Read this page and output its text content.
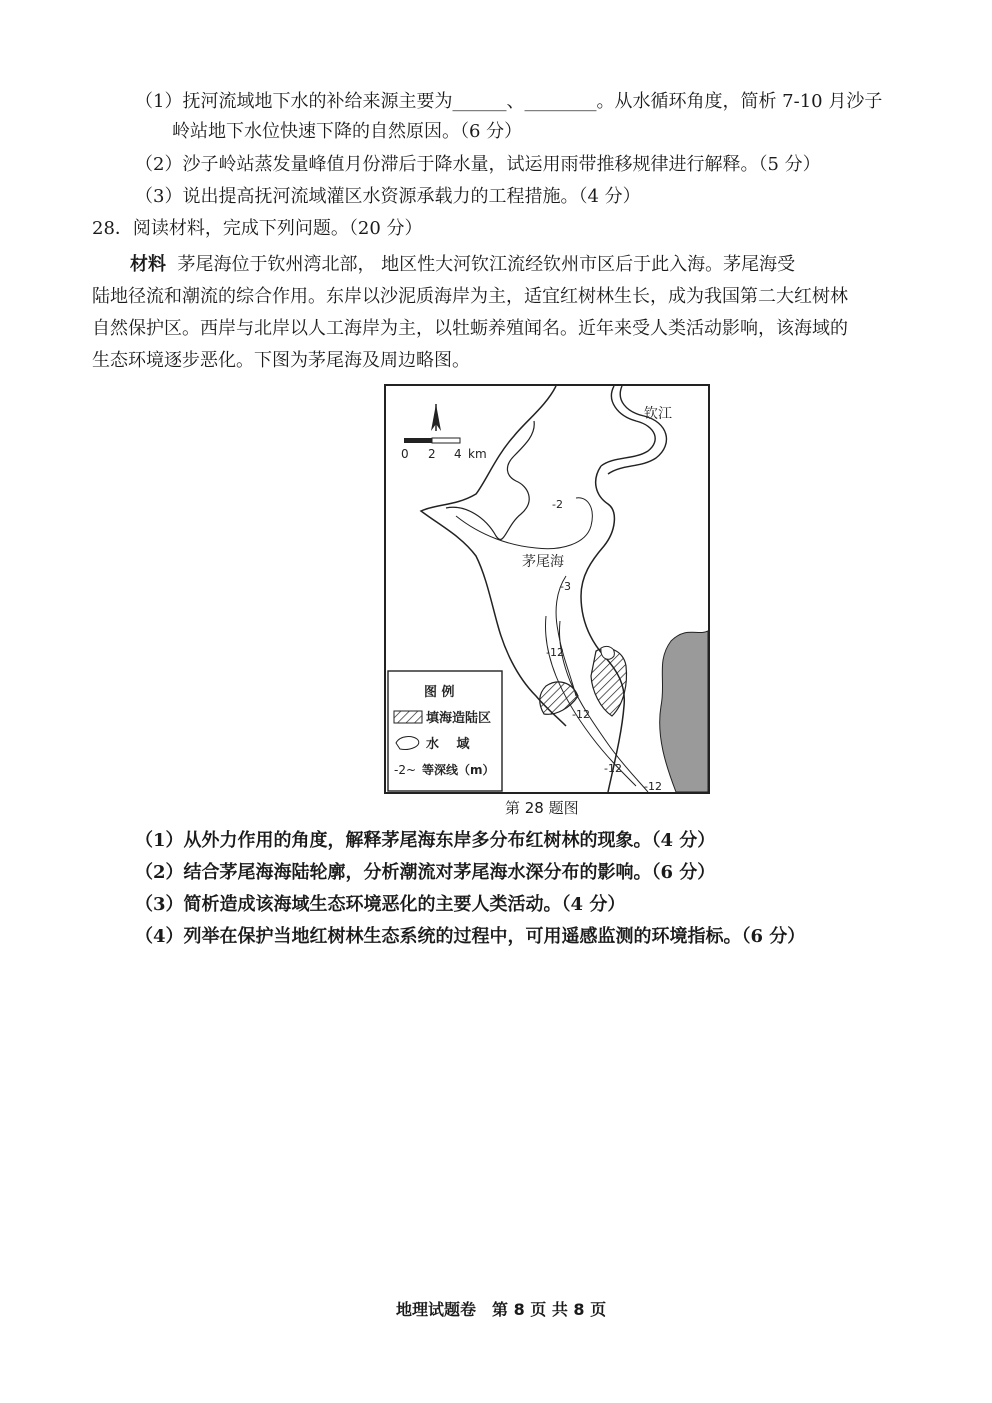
（1）抚河流域地下水的补给来源主要为______、________。从水循环角度，简析 7-10 月沙子
岭站地下水位快速下降的自然原因。（6 分）
（2）沙子岭站蒸发量峰值月份滞后于降水量，试运用雨带推移规律进行解释。（5 分）
（3）说出提高抚河流域灌区水资源承载力的工程措施。（4 分）
28．阅读材料，完成下列问题。（20 分）
材料 茅尾海位于钦州湾北部， 地区性大河钦江流经钦州市区后于此入海。茅尾海受
陆地径流和潮流的综合作用。东岸以沙泥质海岸为主，适宜红树林生长，成为我国第二大红树林
自然保护区。西岸与北岸以人工海岸为主，以牡蛎养殖闻名。近年来受人类活动影响，该海域的
生态环境逐步恶化。下图为茅尾海及周边略图。
0 2 4 km
钦江
-2
茅尾海
-3
-12
-12
-12
-12
图 例
填海造陆区
水　 域
-2~ 等深线（m）
第 28 题图
（1）从外力作用的角度，解释茅尾海东岸多分布红树林的现象。（4 分）
（2）结合茅尾海海陆轮廓，分析潮流对茅尾海水深分布的影响。（6 分）
（3）简析造成该海域生态环境恶化的主要人类活动。（4 分）
（4）列举在保护当地红树林生态系统的过程中，可用遥感监测的环境指标。（6 分）
地理试题卷　第 8 页 共 8 页
